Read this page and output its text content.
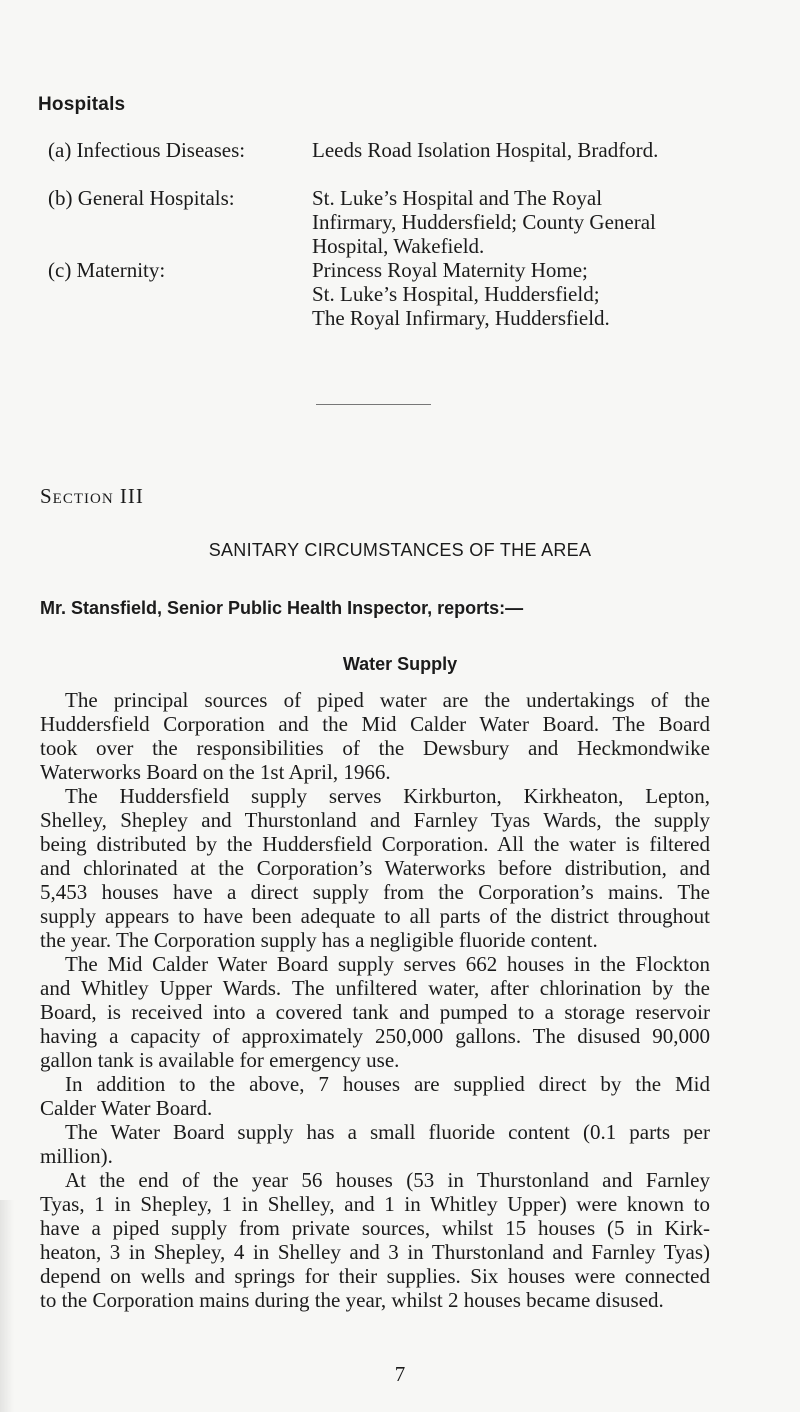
Hospitals
(a) Infectious Diseases:	Leeds Road Isolation Hospital, Bradford.
(b) General Hospitals:	St. Luke’s Hospital and The Royal
Infirmary, Huddersfield; County General
Hospital, Wakefield.
(c) Maternity:	Princess Royal Maternity Home;
St. Luke’s Hospital, Huddersfield;
The Royal Infirmary, Huddersfield.
Section III
SANITARY CIRCUMSTANCES OF THE AREA
Mr. Stansfield, Senior Public Health Inspector, reports:—
Water Supply
The principal sources of piped water are the undertakings of the
Huddersfield Corporation and the Mid Calder Water Board. The Board
took over the responsibilities of the Dewsbury and Heckmondwike
Waterworks Board on the 1st April, 1966.
The Huddersfield supply serves Kirkburton, Kirkheaton, Lepton,
Shelley, Shepley and Thurstonland and Farnley Tyas Wards, the supply
being distributed by the Huddersfield Corporation. All the water is filtered
and chlorinated at the Corporation’s Waterworks before distribution, and
5,453 houses have a direct supply from the Corporation’s mains. The
supply appears to have been adequate to all parts of the district throughout
the year. The Corporation supply has a negligible fluoride content.
The Mid Calder Water Board supply serves 662 houses in the Flockton
and Whitley Upper Wards. The unfiltered water, after chlorination by the
Board, is received into a covered tank and pumped to a storage reservoir
having a capacity of approximately 250,000 gallons. The disused 90,000
gallon tank is available for emergency use.
In addition to the above, 7 houses are supplied direct by the Mid
Calder Water Board.
The Water Board supply has a small fluoride content (0.1 parts per
million).
At the end of the year 56 houses (53 in Thurstonland and Farnley
Tyas, 1 in Shepley, 1 in Shelley, and 1 in Whitley Upper) were known to
have a piped supply from private sources, whilst 15 houses (5 in Kirk-
heaton, 3 in Shepley, 4 in Shelley and 3 in Thurstonland and Farnley Tyas)
depend on wells and springs for their supplies. Six houses were connected
to the Corporation mains during the year, whilst 2 houses became disused.
7
